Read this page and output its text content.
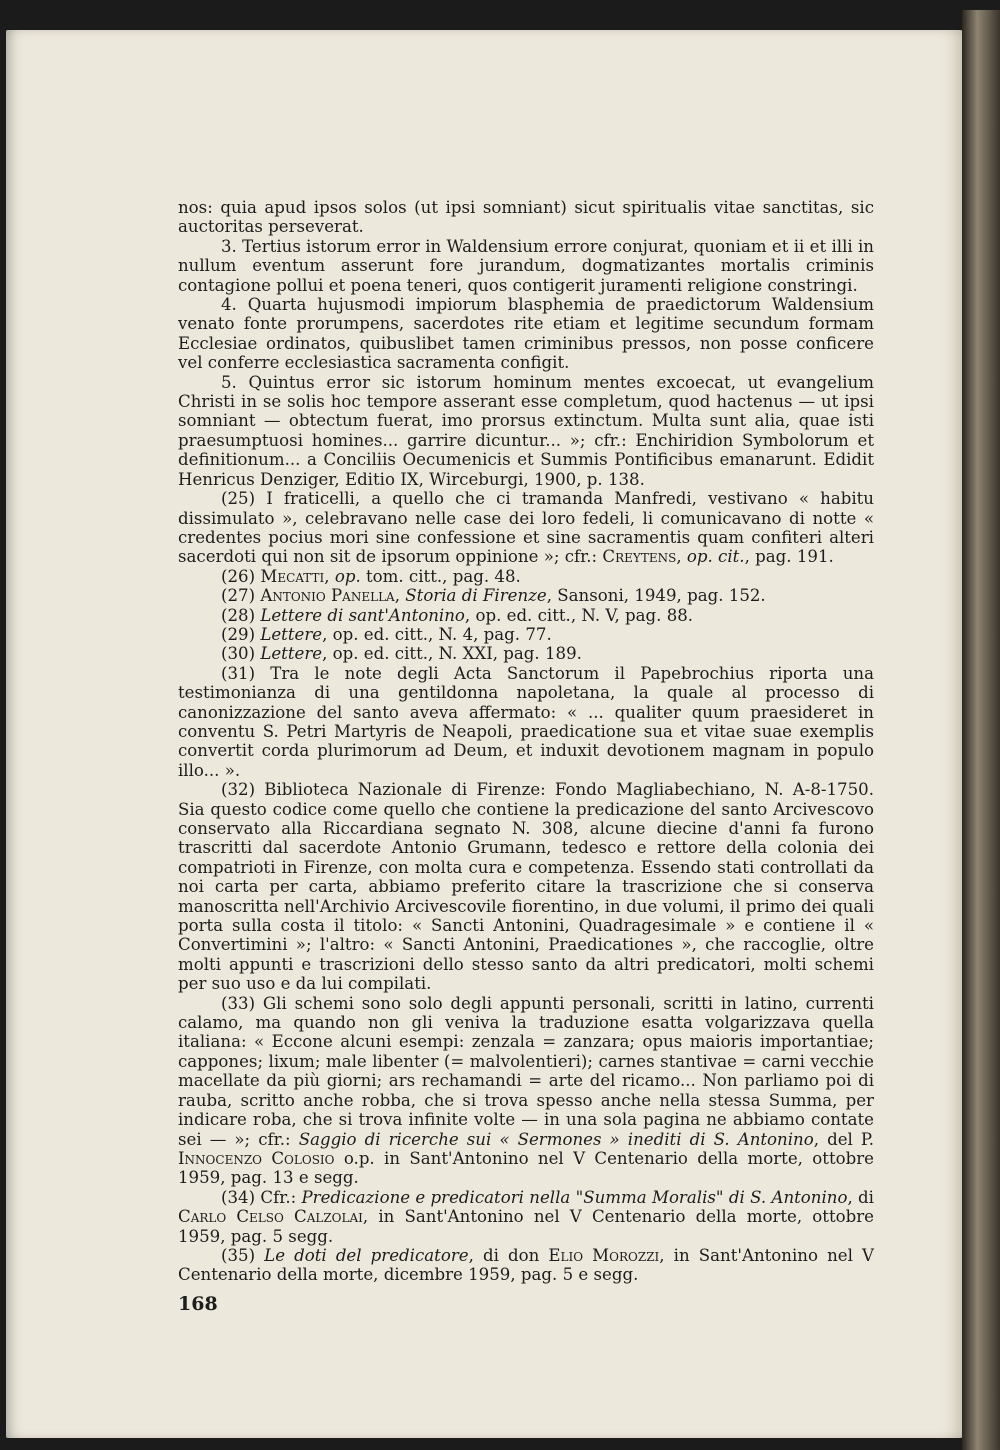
nos: quia apud ipsos solos (ut ipsi somniant) sicut spiritualis vitae sanctitas, sic auctoritas perseverat.

3. Tertius istorum error in Waldensium errore conjurat, quoniam et ii et illi in nullum eventum asserunt fore jurandum, dogmatizantes mortalis criminis contagione pollui et poena teneri, quos contigerit juramenti religione constringi.

4. Quarta hujusmodi impiorum blasphemia de praedictorum Waldensium venato fonte prorumpens, sacerdotes rite etiam et legitime secundum formam Ecclesiae ordinatos, quibuslibet tamen criminibus pressos, non posse conficere vel conferre ecclesiastica sacramenta configit.

5. Quintus error sic istorum hominum mentes excoecat, ut evangelium Christi in se solis hoc tempore asserant esse completum, quod hactenus — ut ipsi somniant — obtectum fuerat, imo prorsus extinctum. Multa sunt alia, quae isti praesumptuosi homines... garrire dicuntur... »; cfr.: Enchiridion Symbolorum et definitionum... a Conciliis Oecumenicis et Summis Pontificibus emanarunt. Edidit Henricus Denziger, Editio IX, Wirceburgi, 1900, p. 138.

(25) I fraticelli, a quello che ci tramanda Manfredi, vestivano « habitu dissimulato », celebravano nelle case dei loro fedeli, li comunicavano di notte « credentes pocius mori sine confessione et sine sacramentis quam confiteri alteri sacerdoti qui non sit de ipsorum oppinione »; cfr.: Creytens, op. cit., pag. 191.

(26) Mecatti, op. tom. citt., pag. 48.

(27) Antonio Panella, Storia di Firenze, Sansoni, 1949, pag. 152.

(28) Lettere di sant'Antonino, op. ed. citt., N. V, pag. 88.

(29) Lettere, op. ed. citt., N. 4, pag. 77.

(30) Lettere, op. ed. citt., N. XXI, pag. 189.

(31) Tra le note degli Acta Sanctorum il Papebrochius riporta una testimonianza di una gentildonna napoletana, la quale al processo di canonizzazione del santo aveva affermato: « ... qualiter quum praesideret in conventu S. Petri Martyris de Neapoli, praedicatione sua et vitae suae exemplis convertit corda plurimorum ad Deum, et induxit devotionem magnam in populo illo... ».

(32) Biblioteca Nazionale di Firenze: Fondo Magliabechiano, N. A-8-1750. Sia questo codice come quello che contiene la predicazione del santo Arcivescovo conservato alla Riccardiana segnato N. 308, alcune diecine d'anni fa furono trascritti dal sacerdote Antonio Grumann, tedesco e rettore della colonia dei compatrioti in Firenze, con molta cura e competenza. Essendo stati controllati da noi carta per carta, abbiamo preferito citare la trascrizione che si conserva manoscritta nell'Archivio Arcivescovile fiorentino, in due volumi, il primo dei quali porta sulla costa il titolo: « Sancti Antonini, Quadragesimale » e contiene il « Convertimini »; l'altro: « Sancti Antonini, Praedicationes », che raccoglie, oltre molti appunti e trascrizioni dello stesso santo da altri predicatori, molti schemi per suo uso e da lui compilati.

(33) Gli schemi sono solo degli appunti personali, scritti in latino, currenti calamo, ma quando non gli veniva la traduzione esatta volgarizzava quella italiana: « Eccone alcuni esempi: zenzala = zanzara; opus maioris importantiae; cappones; lixum; male libenter (= malvolentieri); carnes stantivae = carni vecchie macellate da più giorni; ars rechamandi = arte del ricamo... Non parliamo poi di rauba, scritto anche robba, che si trova spesso anche nella stessa Summa, per indicare roba, che si trova infinite volte — in una sola pagina ne abbiamo contate sei — »; cfr.: Saggio di ricerche sui « Sermones » inediti di S. Antonino, del P. Innocenzo Colosio o.p. in Sant'Antonino nel V Centenario della morte, ottobre 1959, pag. 13 e segg.

(34) Cfr.: Predicazione e predicatori nella "Summa Moralis" di S. Antonino, di Carlo Celso Calzolai, in Sant'Antonino nel V Centenario della morte, ottobre 1959, pag. 5 segg.

(35) Le doti del predicatore, di don Elio Morozzi, in Sant'Antonino nel V Centenario della morte, dicembre 1959, pag. 5 e segg.

168
